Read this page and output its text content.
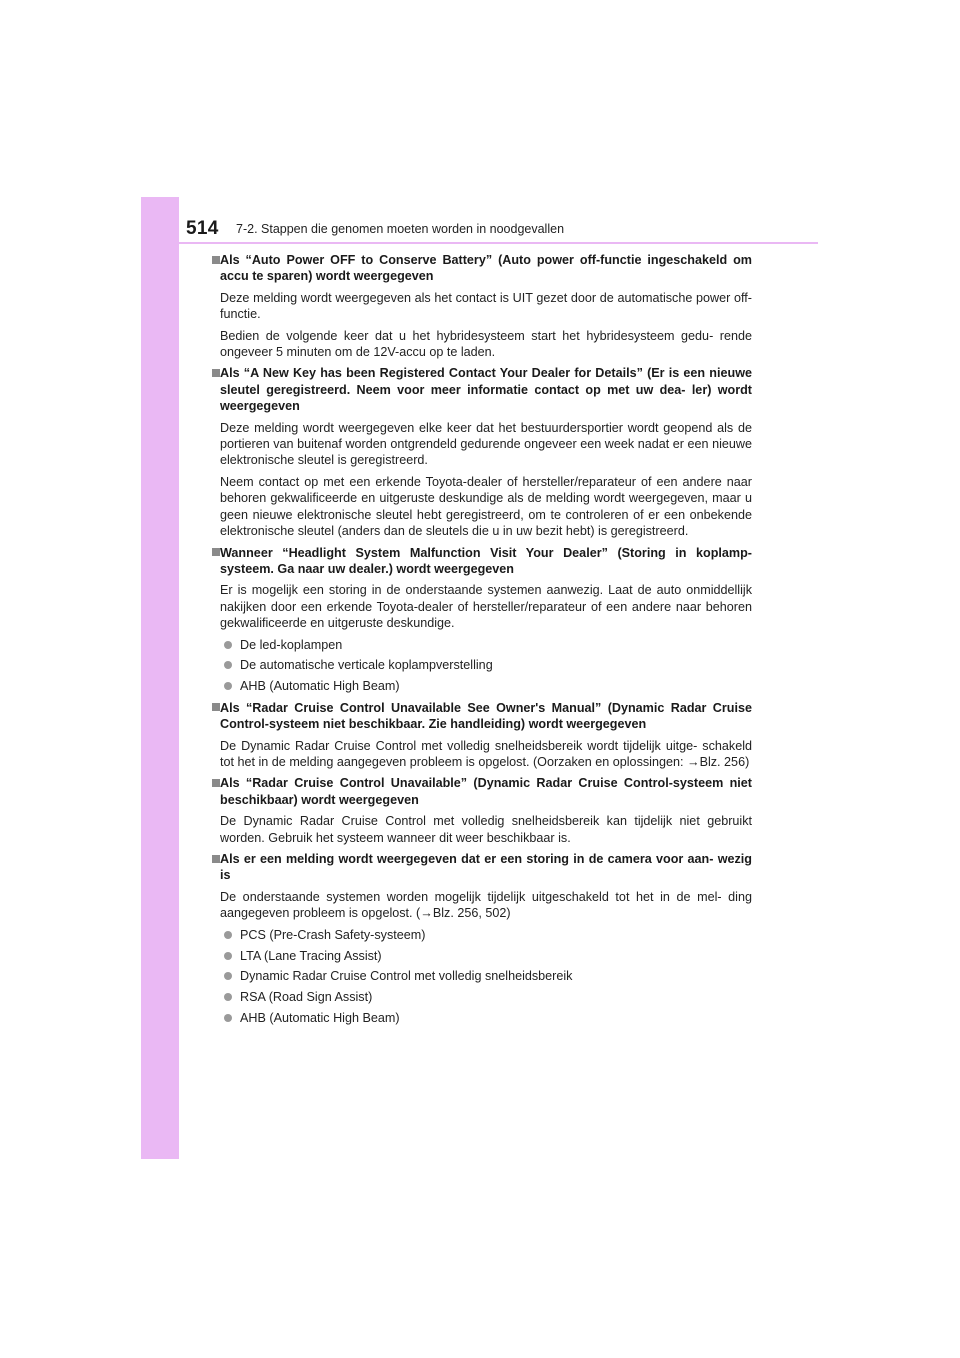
514 7-2. Stappen die genomen moeten worden in noodgevallen
Als “Auto Power OFF to Conserve Battery” (Auto power off-functie ingeschakeld om accu te sparen) wordt weergegeven
Deze melding wordt weergegeven als het contact is UIT gezet door de automatische power off-functie.
Bedien de volgende keer dat u het hybridesysteem start het hybridesysteem gedu- rende ongeveer 5 minuten om de 12V-accu op te laden.
Als “A New Key has been Registered Contact Your Dealer for Details” (Er is een nieuwe sleutel geregistreerd. Neem voor meer informatie contact op met uw dea- ler) wordt weergegeven
Deze melding wordt weergegeven elke keer dat het bestuurdersportier wordt geopend als de portieren van buitenaf worden ontgrendeld gedurende ongeveer een week nadat er een nieuwe elektronische sleutel is geregistreerd.
Neem contact op met een erkende Toyota-dealer of hersteller/reparateur of een andere naar behoren gekwalificeerde en uitgeruste deskundige als de melding wordt weergegeven, maar u geen nieuwe elektronische sleutel hebt geregistreerd, om te controleren of er een onbekende elektronische sleutel (anders dan de sleutels die u in uw bezit hebt) is geregistreerd.
Wanneer “Headlight System Malfunction Visit Your Dealer” (Storing in koplamp- systeem. Ga naar uw dealer.) wordt weergegeven
Er is mogelijk een storing in de onderstaande systemen aanwezig. Laat de auto onmiddellijk nakijken door een erkende Toyota-dealer of hersteller/reparateur of een andere naar behoren gekwalificeerde en uitgeruste deskundige.
De led-koplampen
De automatische verticale koplampverstelling
AHB (Automatic High Beam)
Als “Radar Cruise Control Unavailable See Owner's Manual” (Dynamic Radar Cruise Control-systeem niet beschikbaar. Zie handleiding) wordt weergegeven
De Dynamic Radar Cruise Control met volledig snelheidsbereik wordt tijdelijk uitge- schakeld tot het in de melding aangegeven probleem is opgelost. (Oorzaken en oplossingen: →Blz. 256)
Als “Radar Cruise Control Unavailable” (Dynamic Radar Cruise Control-systeem niet beschikbaar) wordt weergegeven
De Dynamic Radar Cruise Control met volledig snelheidsbereik kan tijdelijk niet gebruikt worden. Gebruik het systeem wanneer dit weer beschikbaar is.
Als er een melding wordt weergegeven dat er een storing in de camera voor aan- wezig is
De onderstaande systemen worden mogelijk tijdelijk uitgeschakeld tot het in de mel- ding aangegeven probleem is opgelost. (→Blz. 256, 502)
PCS (Pre-Crash Safety-systeem)
LTA (Lane Tracing Assist)
Dynamic Radar Cruise Control met volledig snelheidsbereik
RSA (Road Sign Assist)
AHB (Automatic High Beam)
